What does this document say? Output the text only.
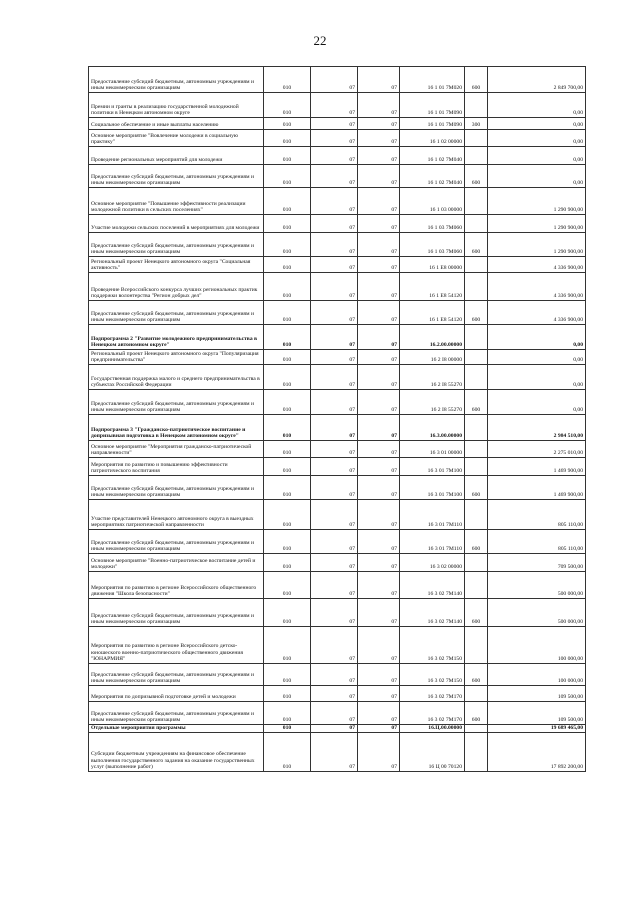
22
Предоставление субсидий бюджетным, автономным учреждениям и иным некоммерческим организациям	010	07	07	16 1 01 7М020	600	2 849 700,00
Премии и гранты в реализацию государственной молодежной политики в Ненецком автономном округе	010	07	07	16 1 01 7М090		0,00
Социальное обеспечение и иные выплаты населению	010	07	07	16 1 01 7М090	300	0,00
Основное мероприятие "Вовлечение молодежи в социальную практику"	010	07	07	16 1 02 00000		0,00
Проведение региональных мероприятий для молодежи	010	07	07	16 1 02 7М040		0,00
Предоставление субсидий бюджетным, автономным учреждениям и иным некоммерческим организациям	010	07	07	16 1 02 7М040	600	0,00
Основное мероприятие "Повышение эффективности реализации молодежной политики в сельских поселениях"	010	07	07	16 1 03 00000		1 290 900,00
Участие молодежи сельских поселений в мероприятиях для молодежи	010	07	07	16 1 03 7М060		1 290 900,00
Предоставление субсидий бюджетным, автономным учреждениям и иным некоммерческим организациям	010	07	07	16 1 03 7М060	600	1 290 900,00
Региональный проект Ненецкого автономного округа "Социальная активность"	010	07	07	16 1 Е8 00000		4 336 900,00
Проведение Всероссийского конкурса лучших региональных практик поддержки волонтерства "Регион добрых дел"	010	07	07	16 1 Е8 54120		4 336 900,00
Предоставление субсидий бюджетным, автономным учреждениям и иным некоммерческим организациям	010	07	07	16 1 Е8 54120	600	4 336 900,00
Подпрограмма 2 "Развитие молодежного предпринимательства в Ненецком автономном округе"	010	07	07	16.2.00.00000		0,00
Региональный проект Ненецкого автономного округа "Популяризация предпринимательства"	010	07	07	16 2 I8 00000		0,00
Государственная поддержка малого и среднего предпринимательства в субъектах Российской Федерации	010	07	07	16 2 I8 55270		0,00
Предоставление субсидий бюджетным, автономным учреждениям и иным некоммерческим организациям	010	07	07	16 2 I8 55270	600	0,00
Подпрограмма 3 "Гражданско-патриотическое воспитание и допризывная подготовка в Ненецком автономном округе"	010	07	07	16.3.00.00000		2 984 510,00
Основное мероприятие "Мероприятия гражданско-патриотической направленности"	010	07	07	16 3 01 00000		2 275 010,00
Мероприятия по развитию и повышению эффективности патриотического воспитания	010	07	07	16 3 01 7М100		1 469 900,00
Предоставление субсидий бюджетным, автономным учреждениям и иным некоммерческим организациям	010	07	07	16 3 01 7М100	600	1 469 900,00
Участие представителей Ненецкого автономного округа в выездных мероприятиях патриотической направленности	010	07	07	16 3 01 7М110		805 110,00
Предоставление субсидий бюджетным, автономным учреждениям и иным некоммерческим организациям	010	07	07	16 3 01 7М110	600	805 110,00
Основное мероприятие "Военно-патриотическое воспитание детей и молодежи"	010	07	07	16 3 02 00000		709 500,00
Мероприятия по развитию в регионе Всероссийского общественного движения "Школа безопасности"	010	07	07	16 3 02 7М140		500 000,00
Предоставление субсидий бюджетным, автономным учреждениям и иным некоммерческим организациям	010	07	07	16 3 02 7М140	600	500 000,00
Мероприятия по развитию в регионе Всероссийского детско-юношеского военно-патриотического общественного движения "ЮНАРМИЯ"	010	07	07	16 3 02 7М150		100 000,00
Предоставление субсидий бюджетным, автономным учреждениям и иным некоммерческим организациям	010	07	07	16 3 02 7М150	600	100 000,00
Мероприятия по допризывной подготовке детей и молодежи	010	07	07	16 3 02 7М170		109 500,00
Предоставление субсидий бюджетным, автономным учреждениям и иным некоммерческим организациям	010	07	07	16 3 02 7М170	600	109 500,00
Отдельные мероприятия программы	010	07	07	16.Ц.00.00000		19 689 465,00
Субсидии бюджетным учреждениям на финансовое обеспечение выполнения государственного задания на оказание государственных услуг (выполнение работ)	010	07	07	16 Ц 00 70120		17 892 200,00
